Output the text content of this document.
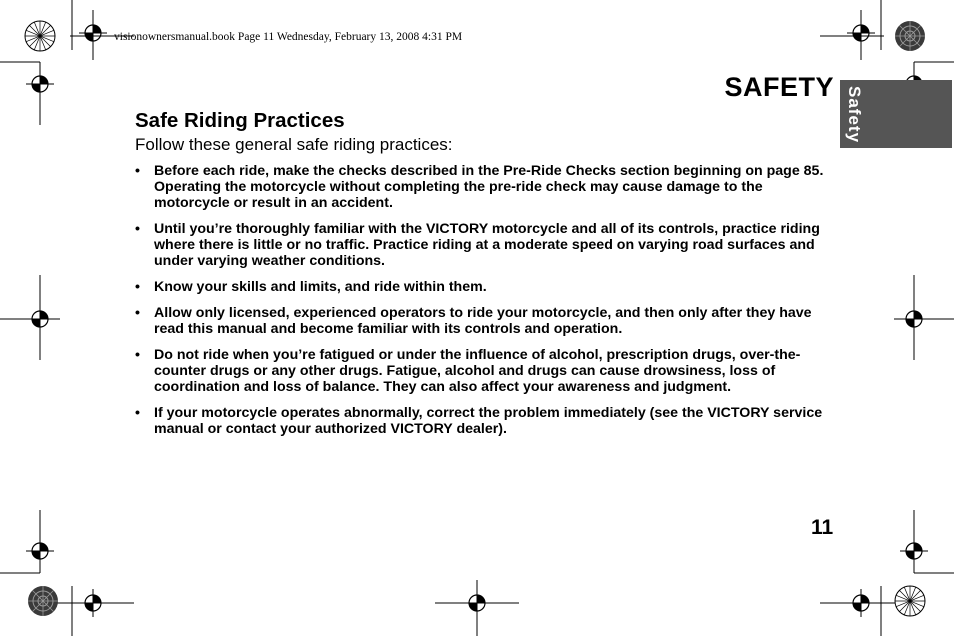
visionownersmanual.book Page 11 Wednesday, February 13, 2008 4:31 PM
Safety
SAFETY
Safe Riding Practices
Follow these general safe riding practices:
• Before each ride, make the checks described in the Pre-Ride Checks section beginning on page 85. Operating the motorcycle without completing the pre-ride check may cause damage to the motorcycle or result in an accident.
• Until you’re thoroughly familiar with the VICTORY motorcycle and all of its controls, practice riding where there is little or no traffic. Practice riding at a moderate speed on varying road surfaces and under varying weather conditions.
• Know your skills and limits, and ride within them.
• Allow only licensed, experienced operators to ride your motorcycle, and then only after they have read this manual and become familiar with its controls and operation.
• Do not ride when you’re fatigued or under the influence of alcohol, prescription drugs, over-the-counter drugs or any other drugs. Fatigue, alcohol and drugs can cause drowsiness, loss of coordination and loss of balance. They can also affect your awareness and judgment.
• If your motorcycle operates abnormally, correct the problem immediately (see the VICTORY service manual or contact your authorized VICTORY dealer).
11
